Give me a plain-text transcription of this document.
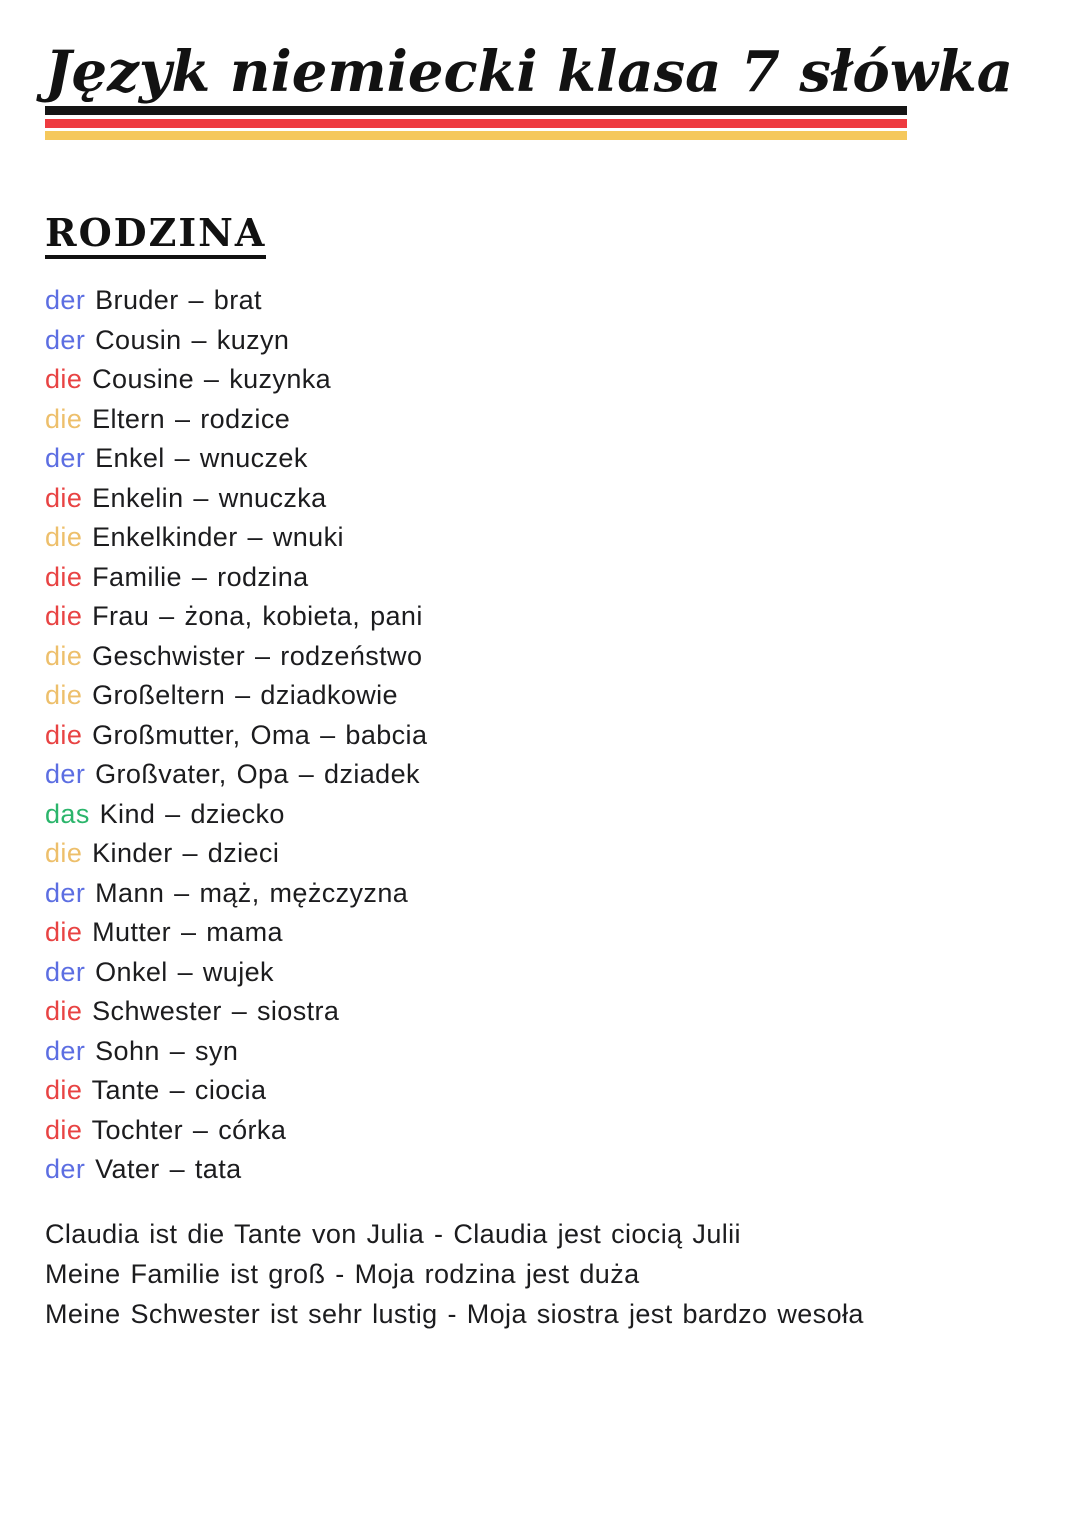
Język niemiecki klasa 7 słówka
RODZINA
der Bruder – brat
der Cousin – kuzyn
die Cousine – kuzynka
die Eltern – rodzice
der Enkel – wnuczek
die Enkelin – wnuczka
die Enkelkinder – wnuki
die Familie – rodzina
die Frau – żona, kobieta, pani
die Geschwister – rodzeństwo
die Großeltern – dziadkowie
die Großmutter, Oma – babcia
der Großvater, Opa – dziadek
das Kind – dziecko
die Kinder – dzieci
der Mann – mąż, mężczyzna
die Mutter – mama
der Onkel – wujek
die Schwester – siostra
der Sohn – syn
die Tante – ciocia
die Tochter – córka
der Vater – tata
Claudia ist die Tante von Julia - Claudia jest ciocią Julii
Meine Familie ist groß - Moja rodzina jest duża
Meine Schwester ist sehr lustig - Moja siostra jest bardzo wesoła
